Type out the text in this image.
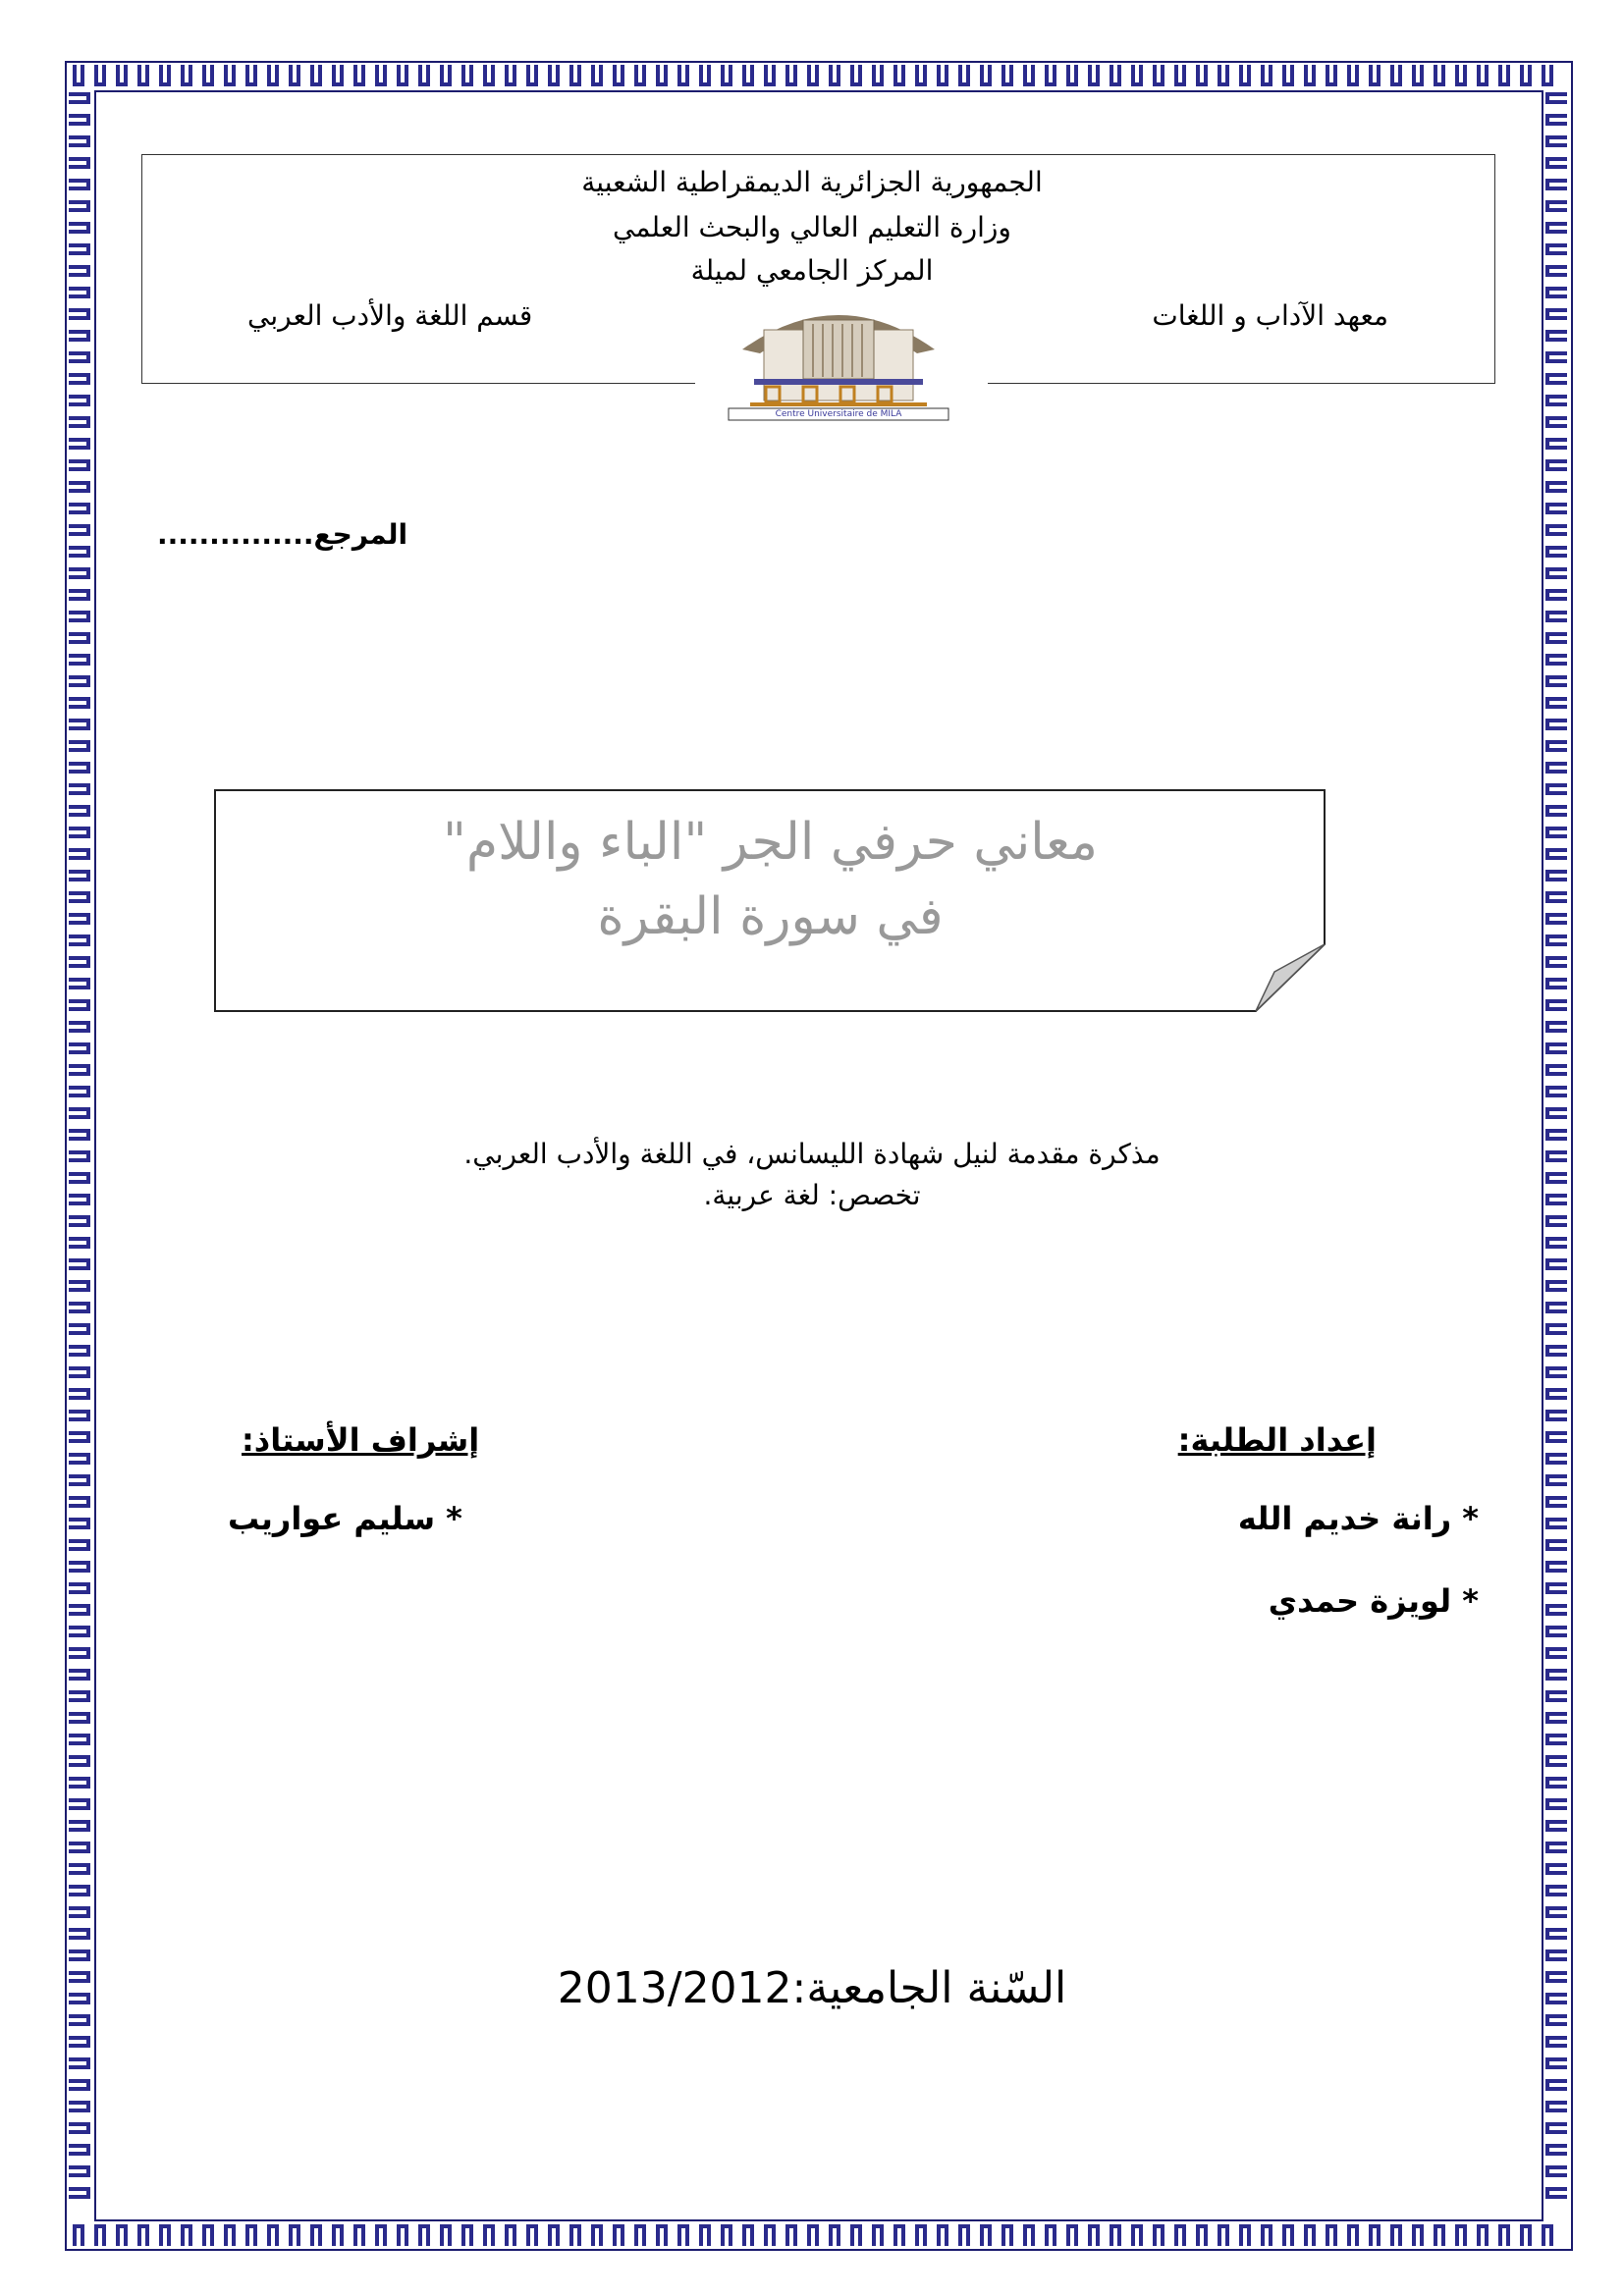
الجمهورية الجزائرية الديمقراطية الشعبية
وزارة التعليم العالي والبحث العلمي
المركز الجامعي لميلة
معهد الآداب و اللغات
قسم اللغة والأدب العربي
Centre Universitaire de MILA
المرجع...............
معاني حرفي الجر "الباء واللام"
في سورة البقرة
مذكرة مقدمة لنيل شهادة الليسانس، في اللغة والأدب العربي.
تخصص: لغة عربية.
إعداد الطلبة:
إشراف الأستاذ:
* رانة خديم الله
* لويزة حمدي
* سليم عواريب
السّنة الجامعية:2013/2012
